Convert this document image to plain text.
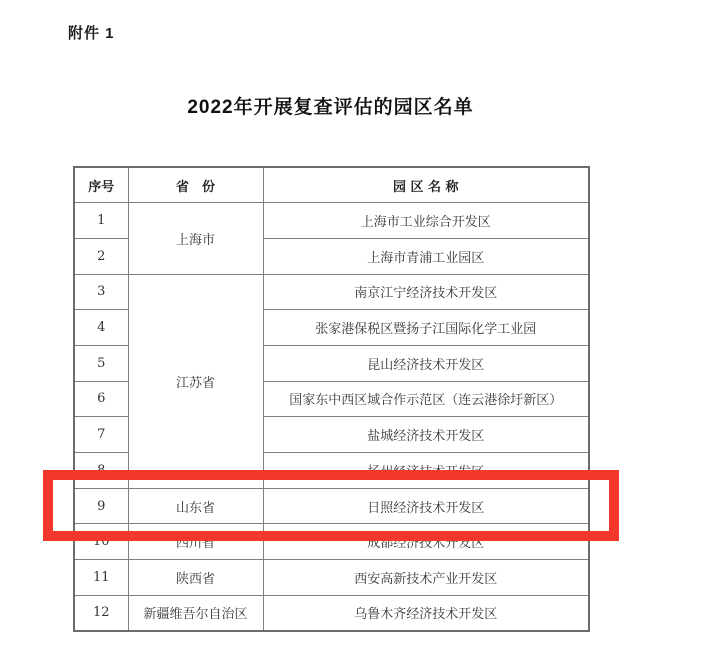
附件 1
2022年开展复查评估的园区名单
序号	省　份	园 区 名 称
1	上海市	上海市工业综合开发区
2		上海市青浦工业园区
3	江苏省	南京江宁经济技术开发区
4		张家港保税区暨扬子江国际化学工业园
5		昆山经济技术开发区
6		国家东中西区域合作示范区（连云港徐圩新区）
7		盐城经济技术开发区
8		扬州经济技术开发区
9	山东省	日照经济技术开发区
10	四川省	成都经济技术开发区
11	陕西省	西安高新技术产业开发区
12	新疆维吾尔自治区	乌鲁木齐经济技术开发区
